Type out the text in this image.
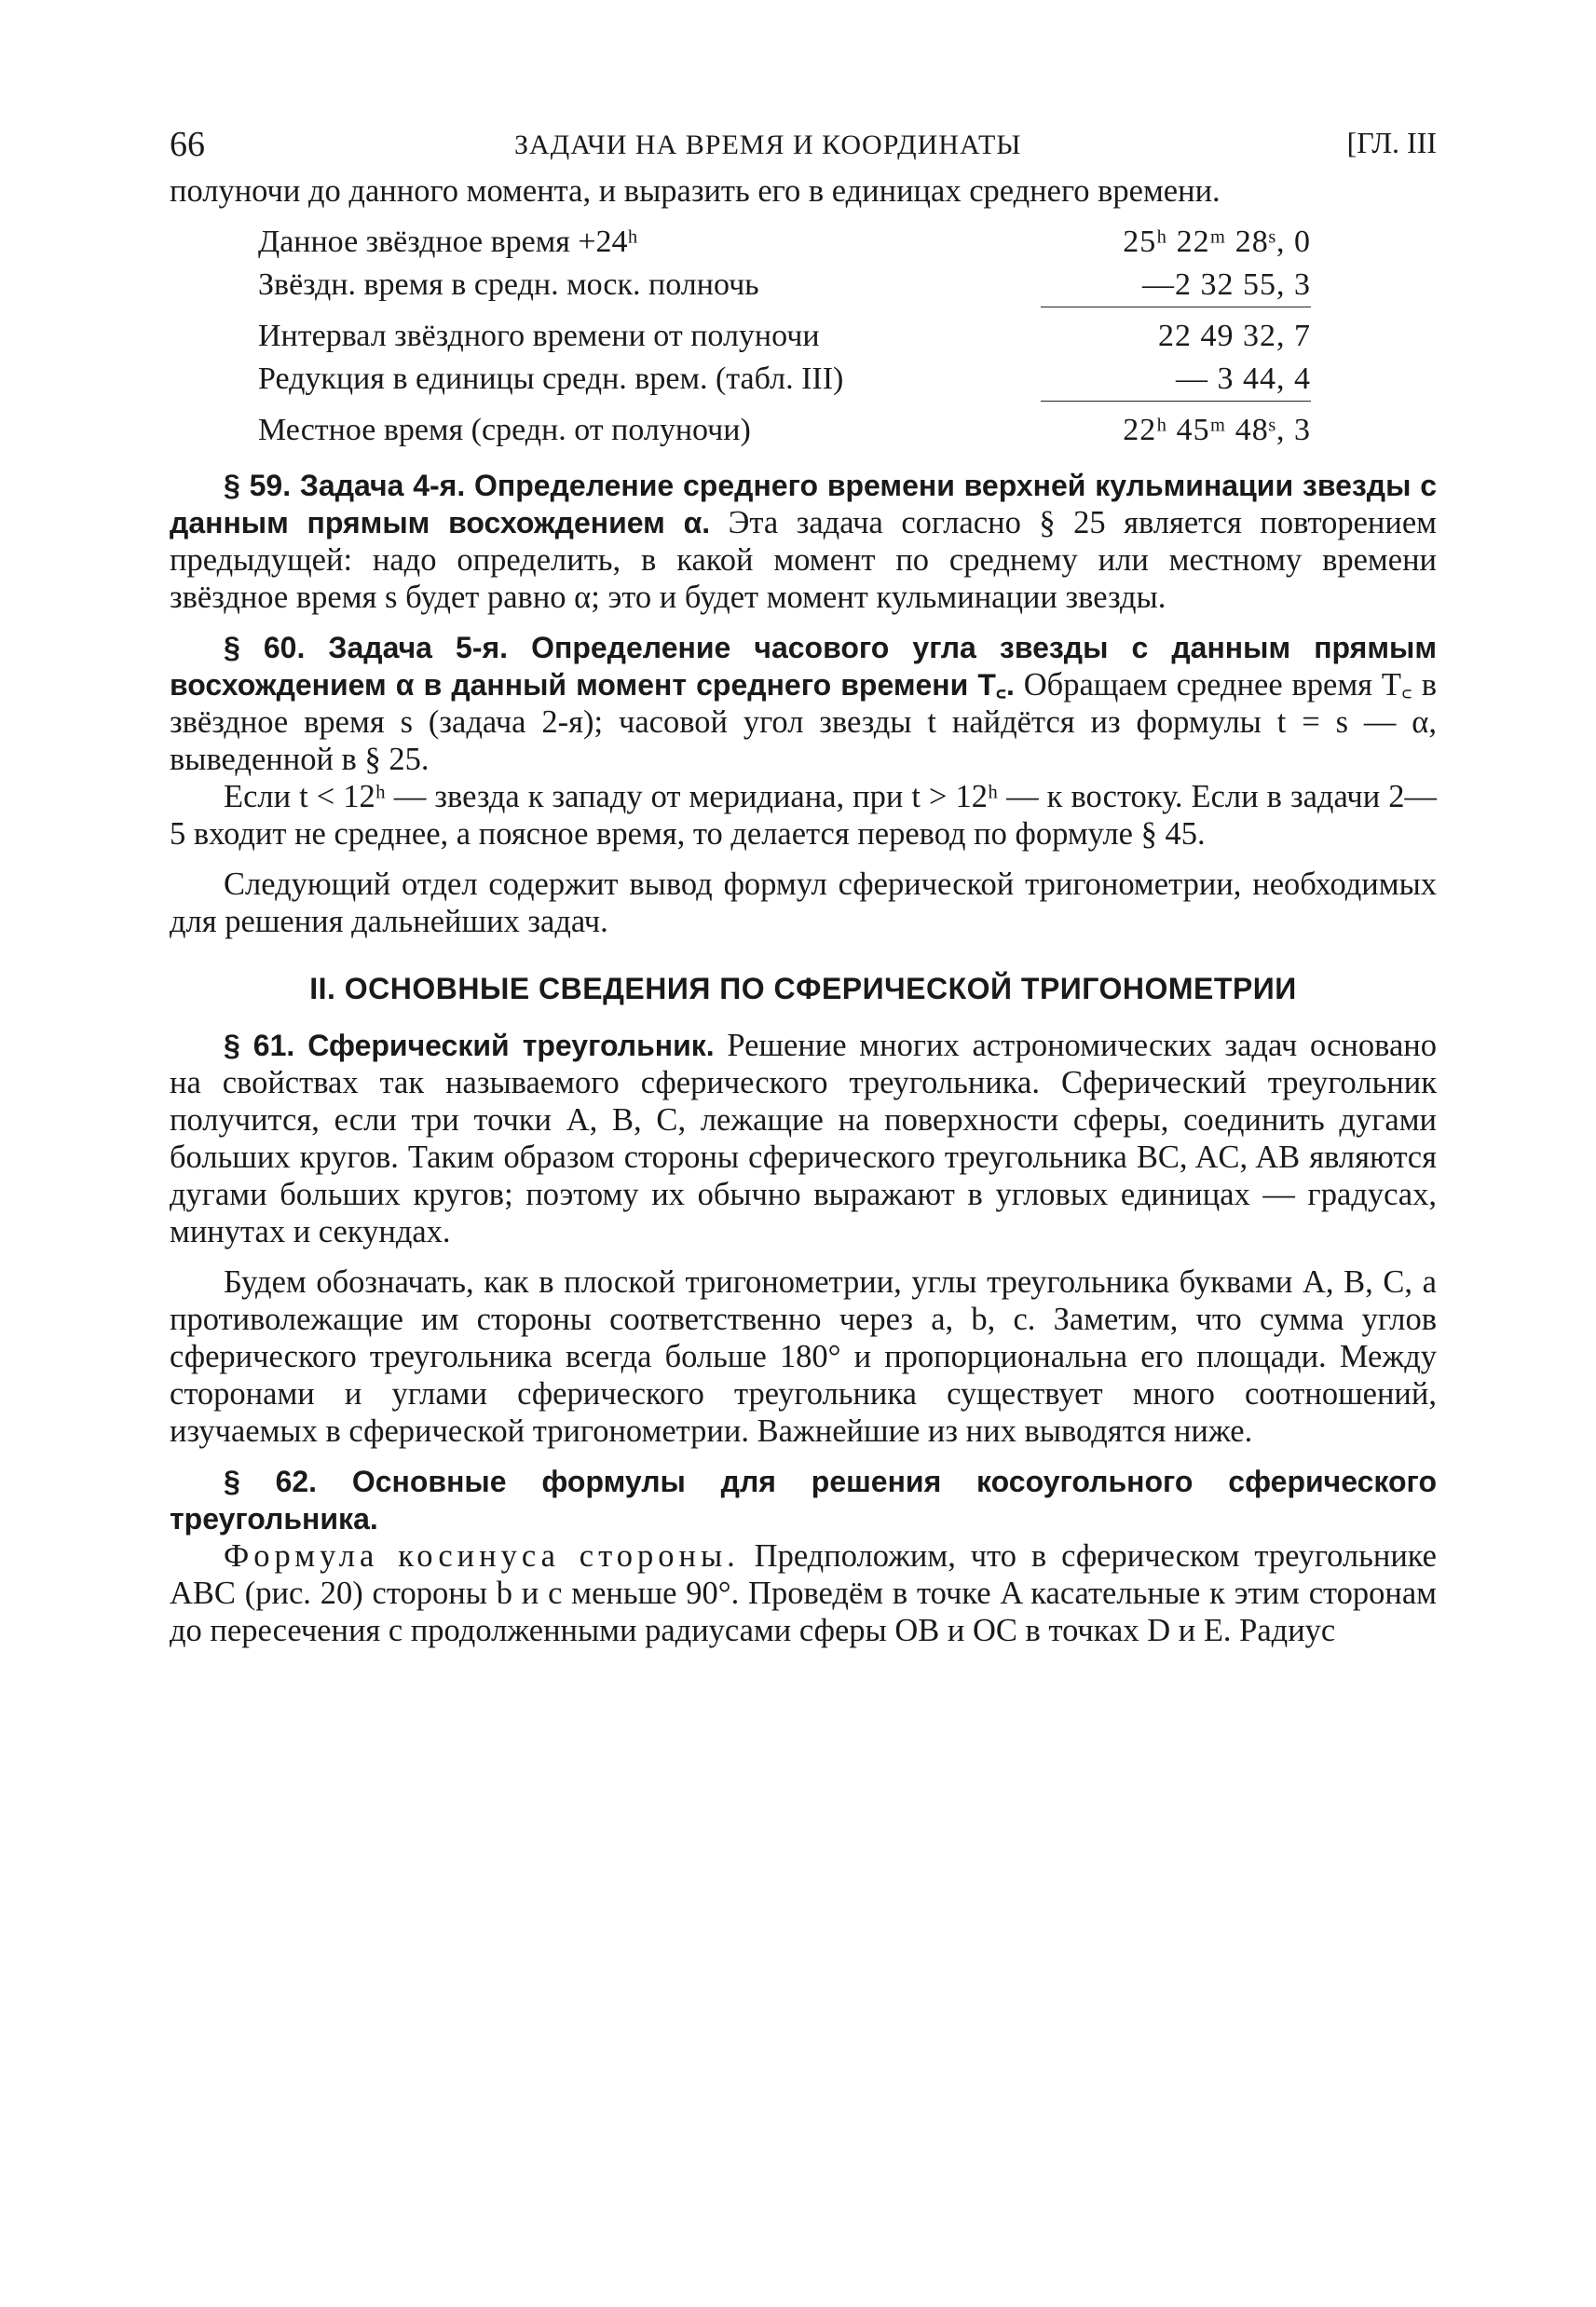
66	ЗАДАЧИ НА ВРЕМЯ И КООРДИНАТЫ	[ГЛ. III

полуночи до данного момента, и выразить его в единицах среднего времени.

Данное звёздное время +24ʰ	25ʰ 22ᵐ 28ˢ, 0
Звёздн. время в средн. моск. полночь	—2 32 55, 3

Интервал звёздного времени от полуночи	22 49 32, 7
Редукция в единицы средн. врем. (табл. III)	— 3 44, 4

Местное время (средн. от полуночи)	22ʰ 45ᵐ 48ˢ, 3

§ 59. Задача 4-я. Определение среднего времени верхней кульминации звезды с данным прямым восхождением α. Эта задача согласно § 25 является повторением предыдущей: надо определить, в какой момент по среднему или местному времени звёздное время s будет равно α; это и будет момент кульминации звезды.

§ 60. Задача 5-я. Определение часового угла звезды с данным прямым восхождением α в данный момент среднего времени T꜀. Обращаем среднее время T꜀ в звёздное время s (задача 2-я); часовой угол звезды t найдётся из формулы t = s — α, выведенной в § 25.

Если t < 12ʰ — звезда к западу от меридиана, при t > 12ʰ — к востоку. Если в задачи 2—5 входит не среднее, а поясное время, то делается перевод по формуле § 45.

Следующий отдел содержит вывод формул сферической тригонометрии, необходимых для решения дальнейших задач.

II. ОСНОВНЫЕ СВЕДЕНИЯ ПО СФЕРИЧЕСКОЙ ТРИГОНОМЕТРИИ

§ 61. Сферический треугольник. Решение многих астрономических задач основано на свойствах так называемого сферического треугольника. Сферический треугольник получится, если три точки A, B, C, лежащие на поверхности сферы, соединить дугами больших кругов. Таким образом стороны сферического треугольника BC, AC, AB являются дугами больших кругов; поэтому их обычно выражают в угловых единицах — градусах, минутах и секундах.

Будем обозначать, как в плоской тригонометрии, углы треугольника буквами A, B, C, а противолежащие им стороны соответственно через a, b, c. Заметим, что сумма углов сферического треугольника всегда больше 180° и пропорциональна его площади. Между сторонами и углами сферического треугольника существует много соотношений, изучаемых в сферической тригонометрии. Важнейшие из них выводятся ниже.

§ 62. Основные формулы для решения косоугольного сферического треугольника.

Формула косинуса стороны. Предположим, что в сферическом треугольнике ABC (рис. 20) стороны b и c меньше 90°. Проведём в точке A касательные к этим сторонам до пересечения с продолженными радиусами сферы OB и OC в точках D и E. Радиус
